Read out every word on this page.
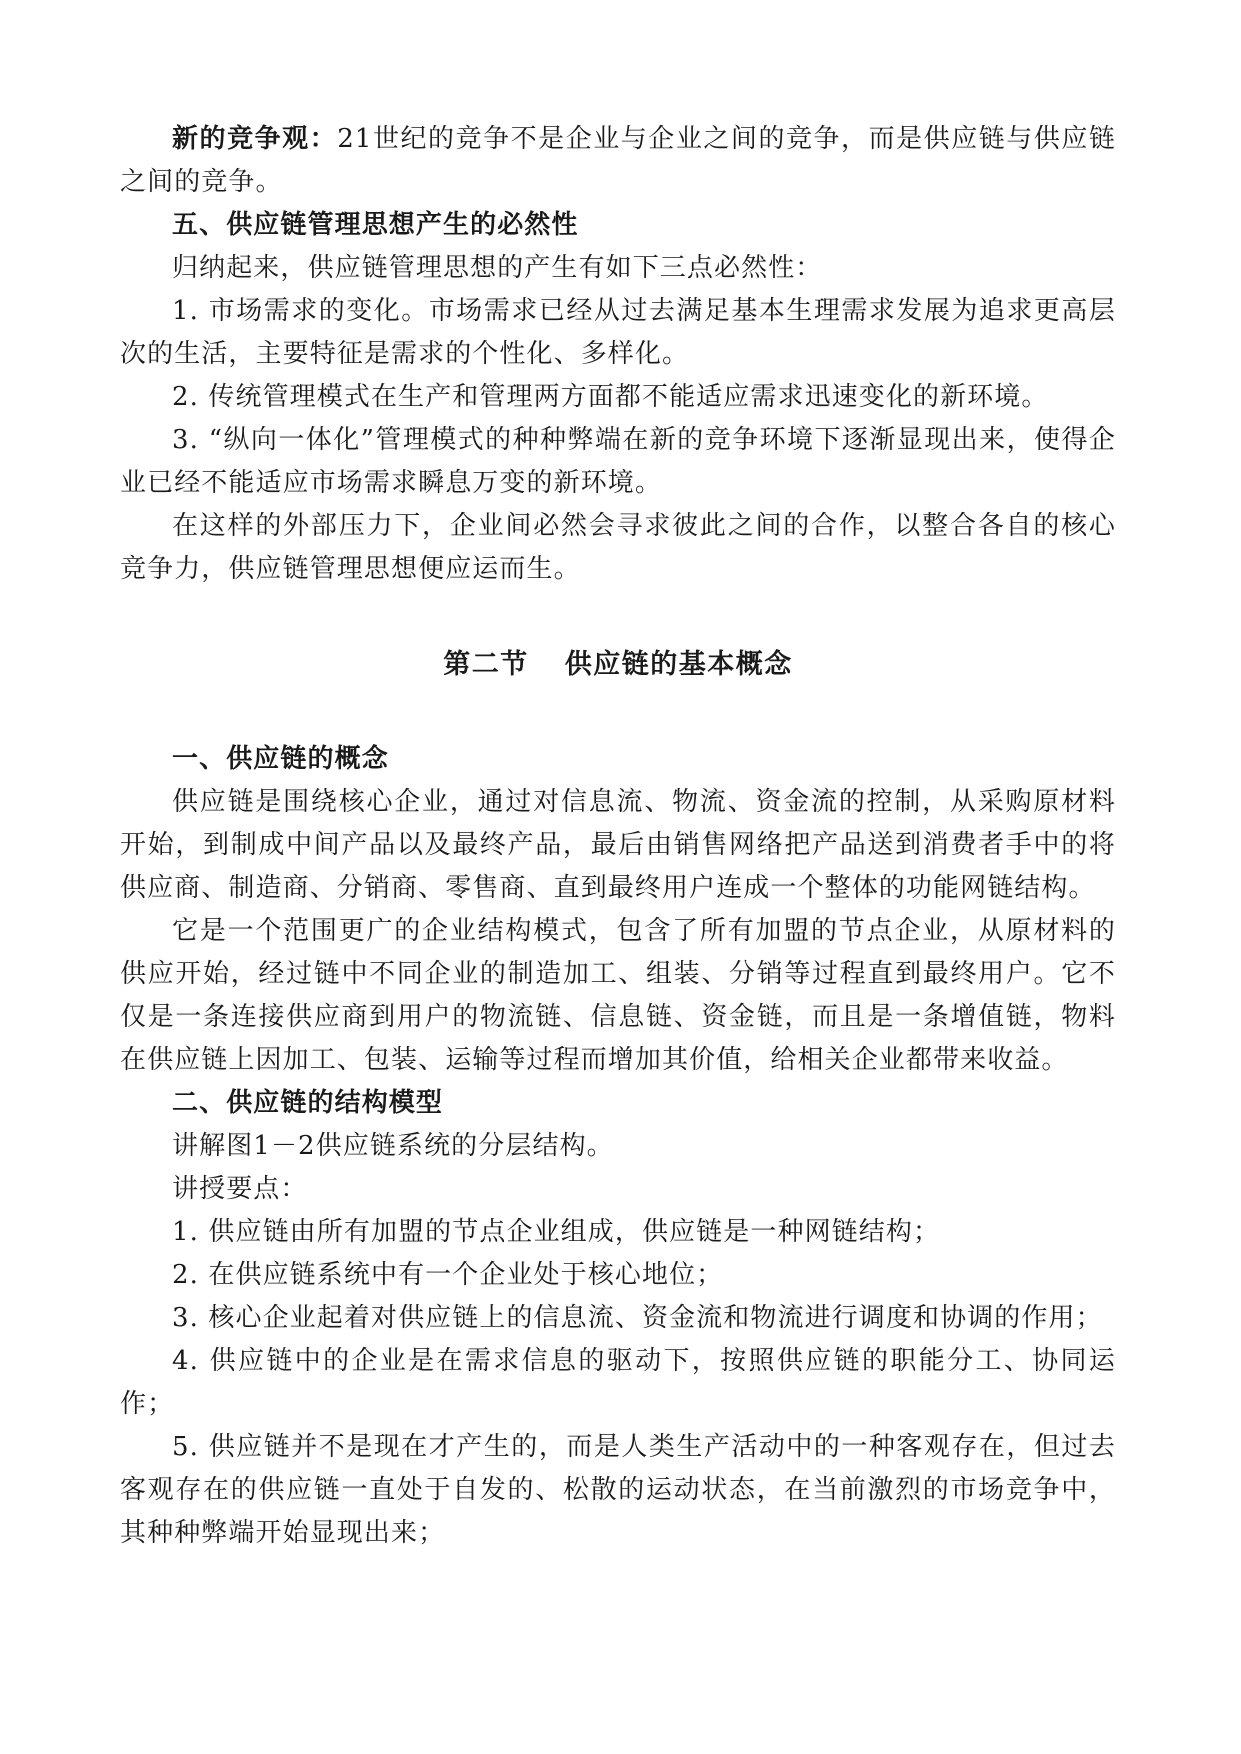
新的竞争观：21世纪的竞争不是企业与企业之间的竞争，而是供应链与供应链之间的竞争。

五、供应链管理思想产生的必然性

归纳起来，供应链管理思想的产生有如下三点必然性：

1. 市场需求的变化。市场需求已经从过去满足基本生理需求发展为追求更高层次的生活，主要特征是需求的个性化、多样化。

2. 传统管理模式在生产和管理两方面都不能适应需求迅速变化的新环境。

3. “纵向一体化”管理模式的种种弊端在新的竞争环境下逐渐显现出来，使得企业已经不能适应市场需求瞬息万变的新环境。

在这样的外部压力下，企业间必然会寻求彼此之间的合作，以整合各自的核心竞争力，供应链管理思想便应运而生。

第二节 供应链的基本概念

一、供应链的概念

供应链是围绕核心企业，通过对信息流、物流、资金流的控制，从采购原材料开始，到制成中间产品以及最终产品，最后由销售网络把产品送到消费者手中的将供应商、制造商、分销商、零售商、直到最终用户连成一个整体的功能网链结构。

它是一个范围更广的企业结构模式，包含了所有加盟的节点企业，从原材料的供应开始，经过链中不同企业的制造加工、组装、分销等过程直到最终用户。它不仅是一条连接供应商到用户的物流链、信息链、资金链，而且是一条增值链，物料在供应链上因加工、包装、运输等过程而增加其价值，给相关企业都带来收益。

二、供应链的结构模型

讲解图1－2供应链系统的分层结构。

讲授要点：

1. 供应链由所有加盟的节点企业组成，供应链是一种网链结构；

2. 在供应链系统中有一个企业处于核心地位；

3. 核心企业起着对供应链上的信息流、资金流和物流进行调度和协调的作用；

4. 供应链中的企业是在需求信息的驱动下，按照供应链的职能分工、协同运作；

5. 供应链并不是现在才产生的，而是人类生产活动中的一种客观存在，但过去客观存在的供应链一直处于自发的、松散的运动状态，在当前激烈的市场竞争中，其种种弊端开始显现出来；
